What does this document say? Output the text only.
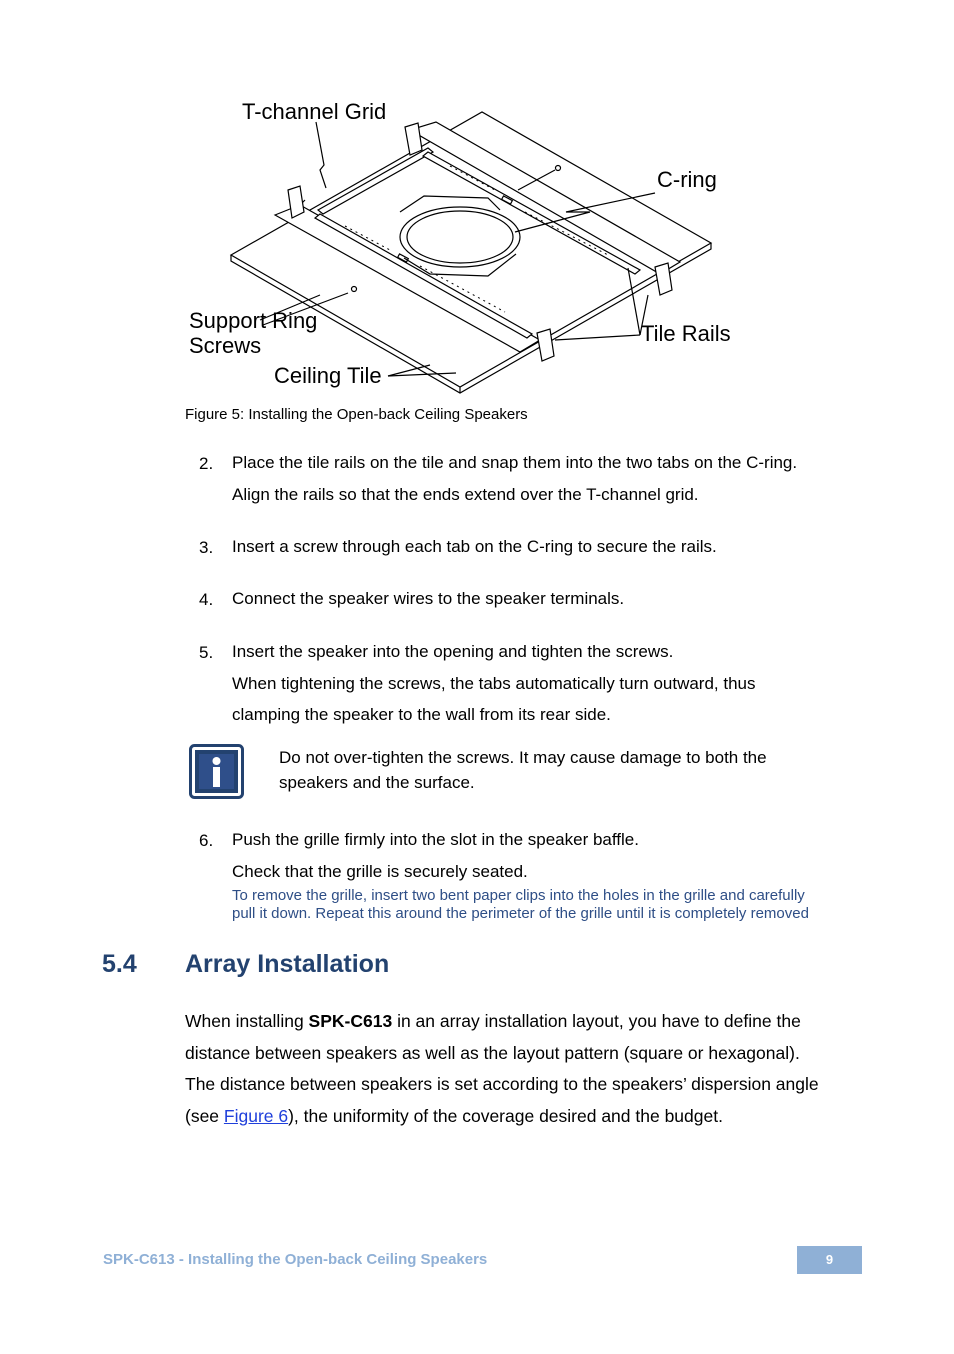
T-channel Grid
C-ring
Support Ring
Screws	Tile Rails
Ceiling Tile
Figure 5: Installing the Open-back Ceiling Speakers
2. Place the tile rails on the tile and snap them into the two tabs on the C-ring.
Align the rails so that the ends extend over the T-channel grid.
3. Insert a screw through each tab on the C-ring to secure the rails.
4. Connect the speaker wires to the speaker terminals.
5. Insert the speaker into the opening and tighten the screws.
When tightening the screws, the tabs automatically turn outward, thus
clamping the speaker to the wall from its rear side.
Do not over-tighten the screws. It may cause damage to both the speakers and the surface.
6. Push the grille firmly into the slot in the speaker baffle.
Check that the grille is securely seated.
To remove the grille, insert two bent paper clips into the holes in the grille and carefully
pull it down. Repeat this around the perimeter of the grille until it is completely removed
5.4 Array Installation
When installing SPK-C613 in an array installation layout, you have to define the
distance between speakers as well as the layout pattern (square or hexagonal).
The distance between speakers is set according to the speakers’ dispersion angle
(see Figure 6), the uniformity of the coverage desired and the budget.
SPK-C613 - Installing the Open-back Ceiling Speakers	9
